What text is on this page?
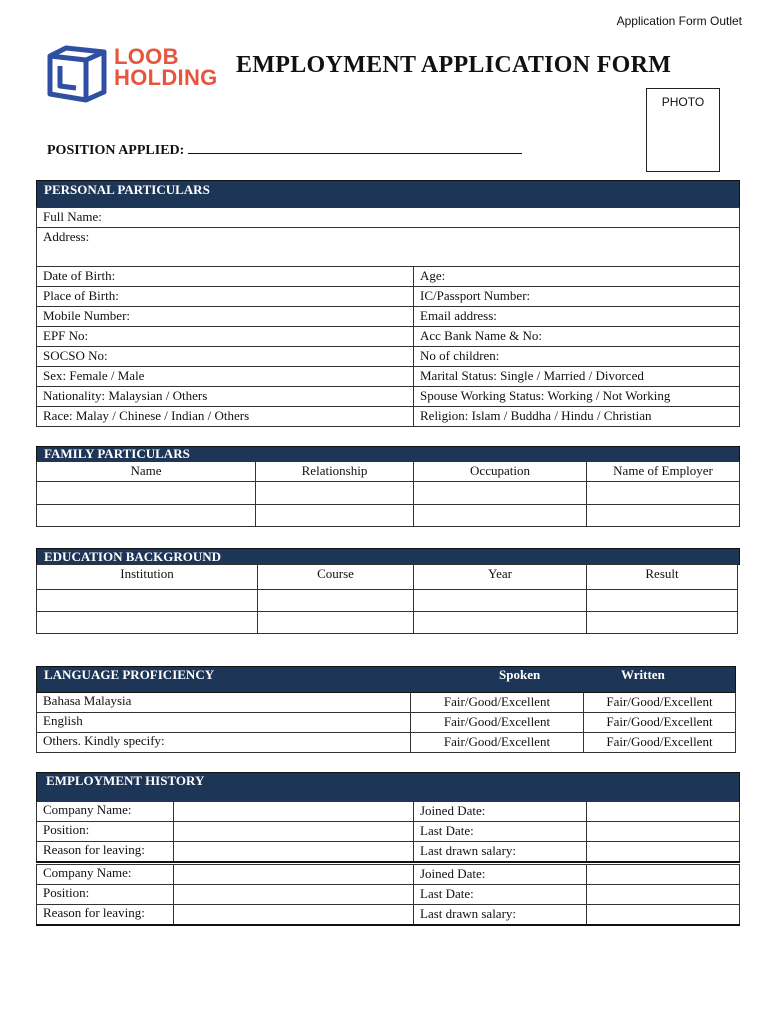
Application Form Outlet
LOOB
HOLDING EMPLOYMENT APPLICATION FORM
PHOTO
POSITION APPLIED:
PERSONAL PARTICULARS
Full Name:	
Address:	
Date of Birth:	Age:
Place of Birth:	IC/Passport Number:
Mobile Number:	Email address:
EPF No:	Acc Bank Name & No:
SOCSO No:	No of children:
Sex: Female / Male	Marital Status: Single / Married / Divorced
Nationality: Malaysian / Others	Spouse Working Status: Working / Not Working
Race: Malay / Chinese / Indian / Others	Religion: Islam / Buddha / Hindu / Christian
FAMILY PARTICULARS
Name	Relationship	Occupation	Name of Employer

EDUCATION BACKGROUND
Institution	Course	Year	Result

LANGUAGE PROFICIENCY	Spoken	Written
Bahasa Malaysia	Fair/Good/Excellent	Fair/Good/Excellent
English	Fair/Good/Excellent	Fair/Good/Excellent
Others. Kindly specify:	Fair/Good/Excellent	Fair/Good/Excellent
EMPLOYMENT HISTORY
Company Name:		Joined Date:	
Position:		Last Date:	
Reason for leaving:		Last drawn salary:	
Company Name:		Joined Date:	
Position:		Last Date:	
Reason for leaving:		Last drawn salary:	
